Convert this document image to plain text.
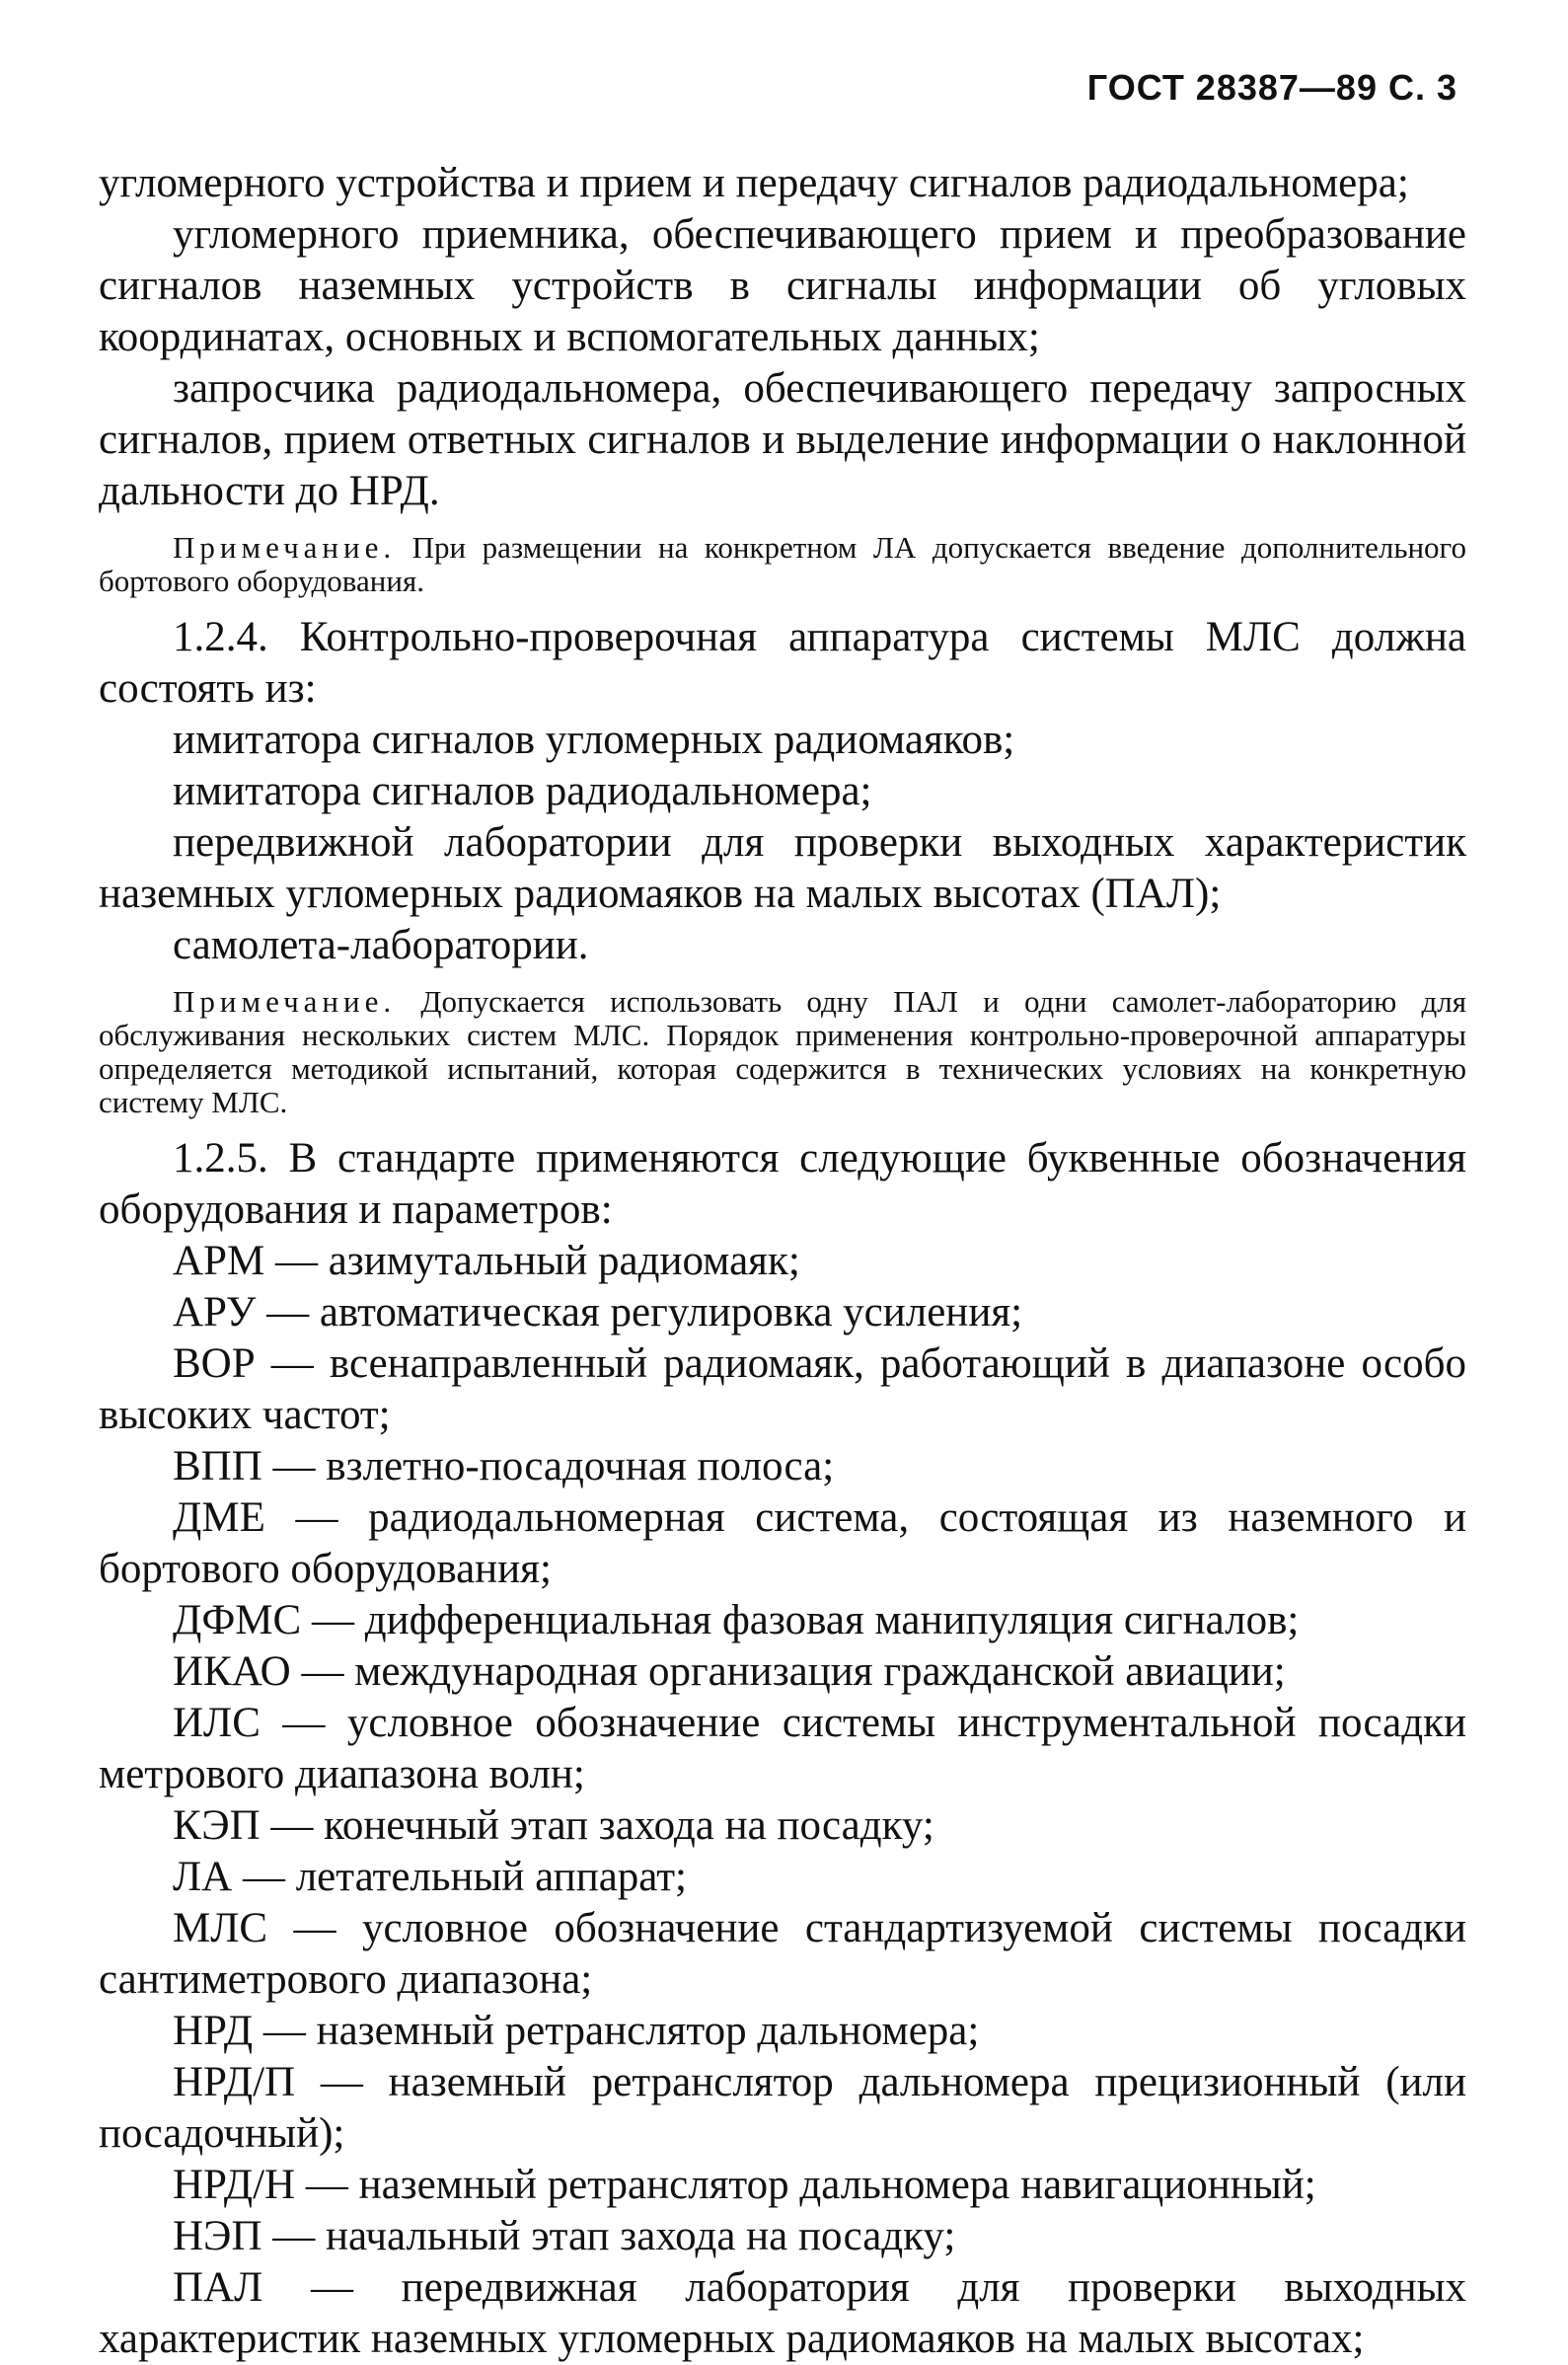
ГОСТ 28387—89 С. 3

угломерного устройства и прием и передачу сигналов радиодальномера;

угломерного приемника, обеспечивающего прием и преобразование сигналов наземных устройств в сигналы информации об угловых координатах, основных и вспомогательных данных;

запросчика радиодальномера, обеспечивающего передачу запросных сигналов, прием ответных сигналов и выделение информации о наклонной дальности до НРД.

Примечание. При размещении на конкретном ЛА допускается введение дополнительного бортового оборудования.

1.2.4. Контрольно-проверочная аппаратура системы МЛС должна состоять из:

имитатора сигналов угломерных радиомаяков;

имитатора сигналов радиодальномера;

передвижной лаборатории для проверки выходных характеристик наземных угломерных радиомаяков на малых высотах (ПАЛ);

самолета-лаборатории.

Примечание. Допускается использовать одну ПАЛ и одни самолет-лабораторию для обслуживания нескольких систем МЛС. Порядок применения контрольно-проверочной аппаратуры определяется методикой испытаний, которая содержится в технических условиях на конкретную систему МЛС.

1.2.5. В стандарте применяются следующие буквенные обозначения оборудования и параметров:

АРМ — азимутальный радиомаяк;

АРУ — автоматическая регулировка усиления;

ВОР — всенаправленный радиомаяк, работающий в диапазоне особо высоких частот;

ВПП — взлетно-посадочная полоса;

ДМЕ — радиодальномерная система, состоящая из наземного и бортового оборудования;

ДФМС — дифференциальная фазовая манипуляция сигналов;

ИКАО — международная организация гражданской авиации;

ИЛС — условное обозначение системы инструментальной посадки метрового диапазона волн;

КЭП — конечный этап захода на посадку;

ЛА — летательный аппарат;

МЛС — условное обозначение стандартизуемой системы посадки сантиметрового диапазона;

НРД — наземный ретранслятор дальномера;

НРД/П — наземный ретранслятор дальномера прецизионный (или посадочный);

НРД/Н — наземный ретранслятор дальномера навигационный;

НЭП — начальный этап захода на посадку;

ПАЛ — передвижная лаборатория для проверки выходных характеристик наземных угломерных радиомаяков на малых высотах;
